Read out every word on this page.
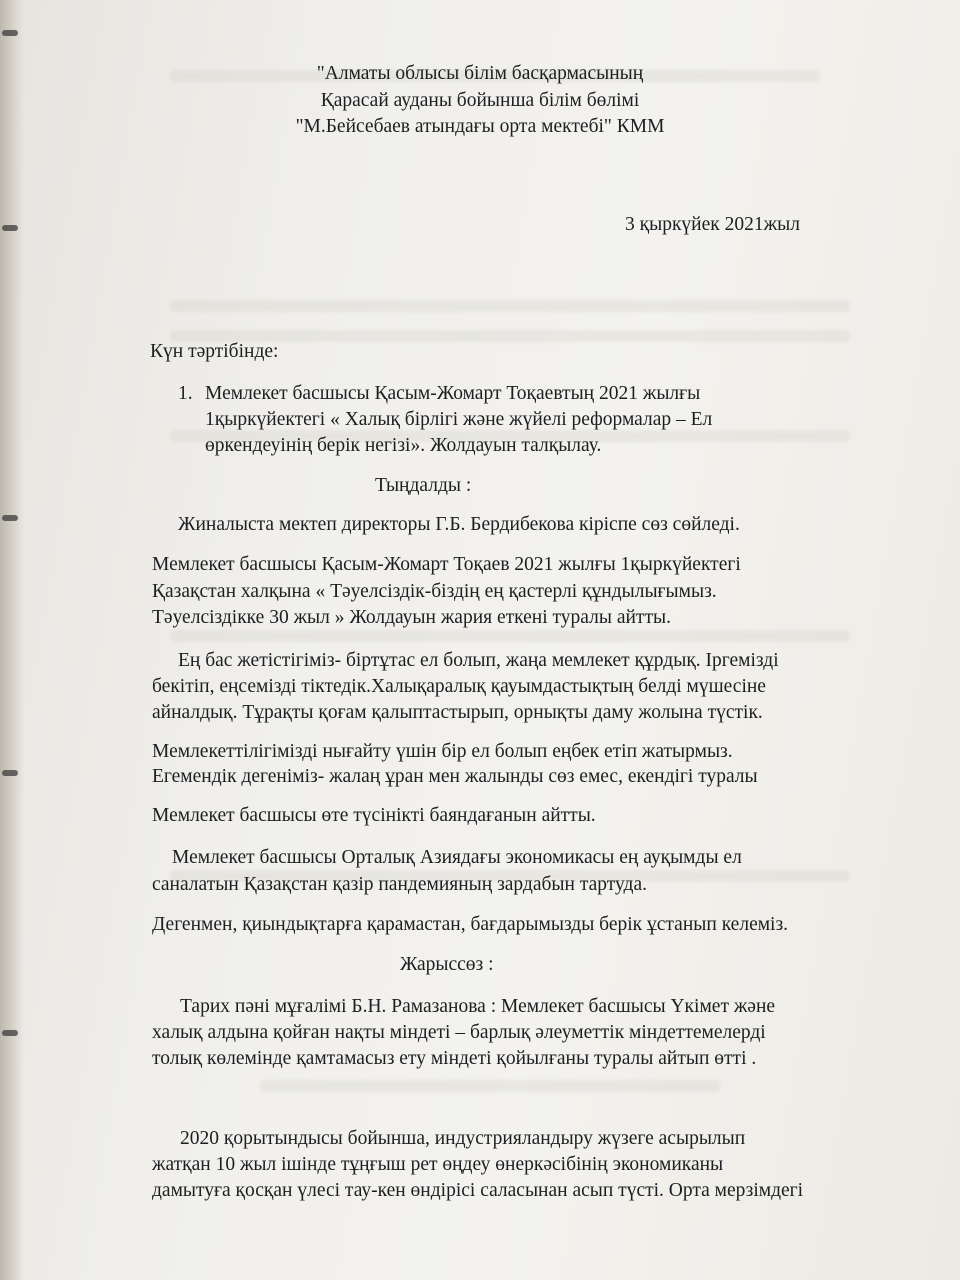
"Алматы облысы білім басқармасының
Қарасай ауданы бойынша білім бөлімі
"М.Бейсебаев атындағы орта мектебі" КММ
3 қыркүйек 2021жыл
Күн тәртібінде:
1. Мемлекет басшысы Қасым-Жомарт Тоқаевтың 2021 жылғы
1қыркүйектегі « Халық бірлігі және жүйелі реформалар – Ел
өркендеуінің берік негізі». Жолдауын талқылау.
Тыңдалды :
Жиналыста мектеп директоры Г.Б. Бердибекова кіріспе сөз сөйледі.
Мемлекет басшысы Қасым-Жомарт Тоқаев 2021 жылғы 1қыркүйектегі
Қазақстан халқына « Тәуелсіздік-біздің ең қастерлі құндылығымыз.
Тәуелсіздікке 30 жыл » Жолдауын жария еткені туралы айтты.
Ең бас жетістігіміз- біртұтас ел болып, жаңа мемлекет құрдық. Іргемізді
бекітіп, еңсемізді тіктедік.Халықаралық қауымдастықтың белді мүшесіне
айналдық. Тұрақты қоғам қалыптастырып, орнықты даму жолына түстік.
Мемлекеттілігімізді нығайту үшін бір ел болып еңбек етіп жатырмыз.
Егемендік дегеніміз- жалаң ұран мен жалынды сөз емес, екендігі туралы
Мемлекет басшысы өте түсінікті баяндағанын айтты.
Мемлекет басшысы Орталық Азиядағы экономикасы ең ауқымды ел
саналатын Қазақстан қазір пандемияның зардабын тартуда.
Дегенмен, қиындықтарға қарамастан, бағдарымызды берік ұстанып келеміз.
Жарыссөз :
Тарих пәні мұғалімі Б.Н. Рамазанова : Мемлекет басшысы Үкімет және
халық алдына қойған нақты міндеті – барлық әлеуметтік міндеттемелерді
толық көлемінде қамтамасыз ету міндеті қойылғаны туралы айтып өтті .
2020 қорытындысы бойынша, индустрияландыру жүзеге асырылып
жатқан 10 жыл ішінде тұңғыш рет өңдеу өнеркәсібінің экономиканы
дамытуға қосқан үлесі тау-кен өндірісі саласынан асып түсті. Орта мерзімдегі
